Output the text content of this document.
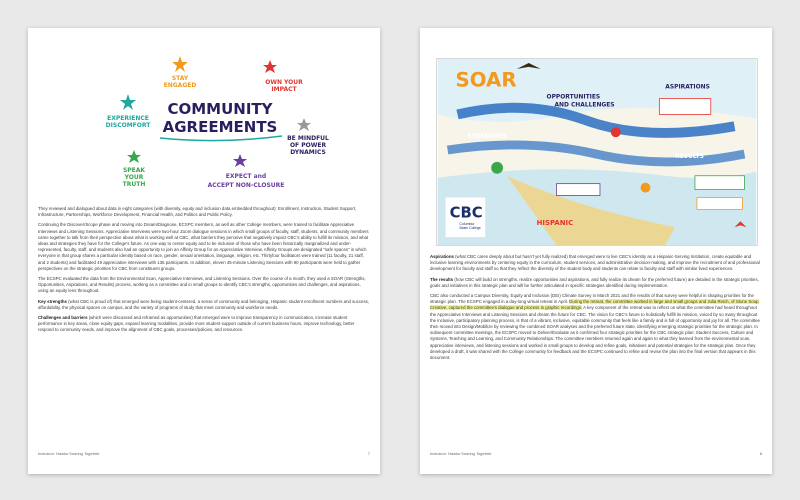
STAY
ENGAGED	OWN YOUR
IMPACT
EXPERIENCE
DISCOMFORT
COMMUNITY
AGREEMENTS
BE MINDFUL
OF POWER
DYNAMICS
SPEAK
YOUR
TRUTH
EXPECT and
ACCEPT NON-CLOSURE

They reviewed and dialogued about data in eight categories (with diversity, equity and inclusion data embedded throughout): Enrollment, Instruction, Student Support, Infrastructure, Partnerships, Workforce Development, Financial Health, and Politics and Public Policy.

Continuing the Discover/Scope phase and moving into Dream/Diagnose, ECSPC members, as well as other College members, were trained to facilitate Appreciative Interviews and Listening Sessions. Appreciative Interviews were two-hour Zoom dialogue sessions in which small groups of faculty, staff, students, and community members came together to talk from their perspective about what is working well at CBC, what barriers they perceive that negatively impact CBC's ability to fulfill its mission, and what ideas and strategies they have for the College's future. As one way to center equity and to be inclusive of those who have been historically marginalized and under-represented, faculty, staff, and students also had an opportunity to join an Affinity Group for an Appreciative Interview. Affinity Groups are designated "safe spaces" in which everyone in that group shares a particular identity based on race, gender, sexual orientation, language, religion, etc. Thirtyfour facilitators were trained (11 faculty, 21 staff, and 2 students) and facilitated 49 appreciative interviews with 135 participants. In addition, eleven 45-minute Listening Sessions with 90 participants were held to gather perspectives on the strategic priorities for CBC from constituent groups.

The ECSPC evaluated the data from the Environmental Scan, Appreciative Interviews, and Listening Sessions. Over the course of a month, they used a SOAR (Strengths, Opportunities, Aspirations, and Results) process, working as a committee and in small groups to identify CBC's strengths, opportunities and challenges, and aspirations, using an equity lens throughout.

Key strengths (what CBC is proud of) that emerged were being student-centered, a sense of community and belonging, Hispanic student enrollment numbers and success, affordability, the physical spaces on campus, and the variety of programs of study that meet community and workforce needs.

Challenges and barriers (which were discussed and reframed as opportunities) that emerged were to improve transparency in communication, increase student performance in key areas, close equity gaps, expand learning modalities, provide more student support outside of current business hours, improve technology, better respond to community needs, and improve the alignment of CBC goals, processes/policies, and resources.

Inclusion: Hawks Soaring Together	7
SOAR
OPPORTUNITIES
AND CHALLENGES
ASPIRATIONS
STRENGTHS
RESULTS
HISPANIC
CBC
Columbia
Basin College

Aspirations (what CBC cares deeply about but hasn't yet fully realized) that emerged were to live CBC's identity as a Hispanic-Serving Institution, create equitable and inclusive learning environments by centering equity in the curriculum, student services, and administrative decision-making, and improve the recruitment of and professional development for faculty and staff so that they reflect the diversity of the student body and students can relate to faculty and staff with similar lived experiences.

The results (how CBC will build on strengths, realize opportunities and aspirations, and fully realize its dream for the preferred future) are detailed in the strategic priorities, goals and initiatives in this strategic plan and will be further articulated in specific strategies identified during implementation.

CBC also conducted a Campus Diversity, Equity and Inclusion (DEI) Climate Survey in March 2021 and the results of that survey were helpful in shaping priorities for the strategic plan. The ECSPC engaged in a day-long virtual retreat in April. During the retreat, the committee worked in large and small groups and Julia Reich, of Stone Soup Creative, captured the committee's dialogue and process in graphic recordings. A key component of the retreat was to reflect on what the committee had heard throughout the Appreciative Interviews and Listening Sessions and dream the future for CBC. The vision for CBC's future to holistically fulfill its mission, voiced by so many throughout the inclusive, participatory planning process, is that of a vibrant, inclusive, equitable community that feels like a family and is full of opportunity and joy for all. The committee then moved into Design/Mobilize by reviewing the combined SOAR analyses and the preferred future state, identifying emerging strategic priorities for the strategic plan. In subsequent committee meetings, the ECSPC moved to Deliver/Evaluate as it confirmed four strategic priorities for the CBC strategic plan: Student Success, Culture and Systems, Teaching and Learning, and Community Relationships. The committee members returned again and again to what they learned from the environmental scan, appreciative interviews, and listening sessions and worked in small groups to develop and refine goals, initiatives and potential strategies for the strategic plan. Once they developed a draft, it was shared with the College community for feedback and the ECSPC continued to refine and revise the plan into the final version that appears in this document.

Inclusion: Hawks Soaring Together	8
